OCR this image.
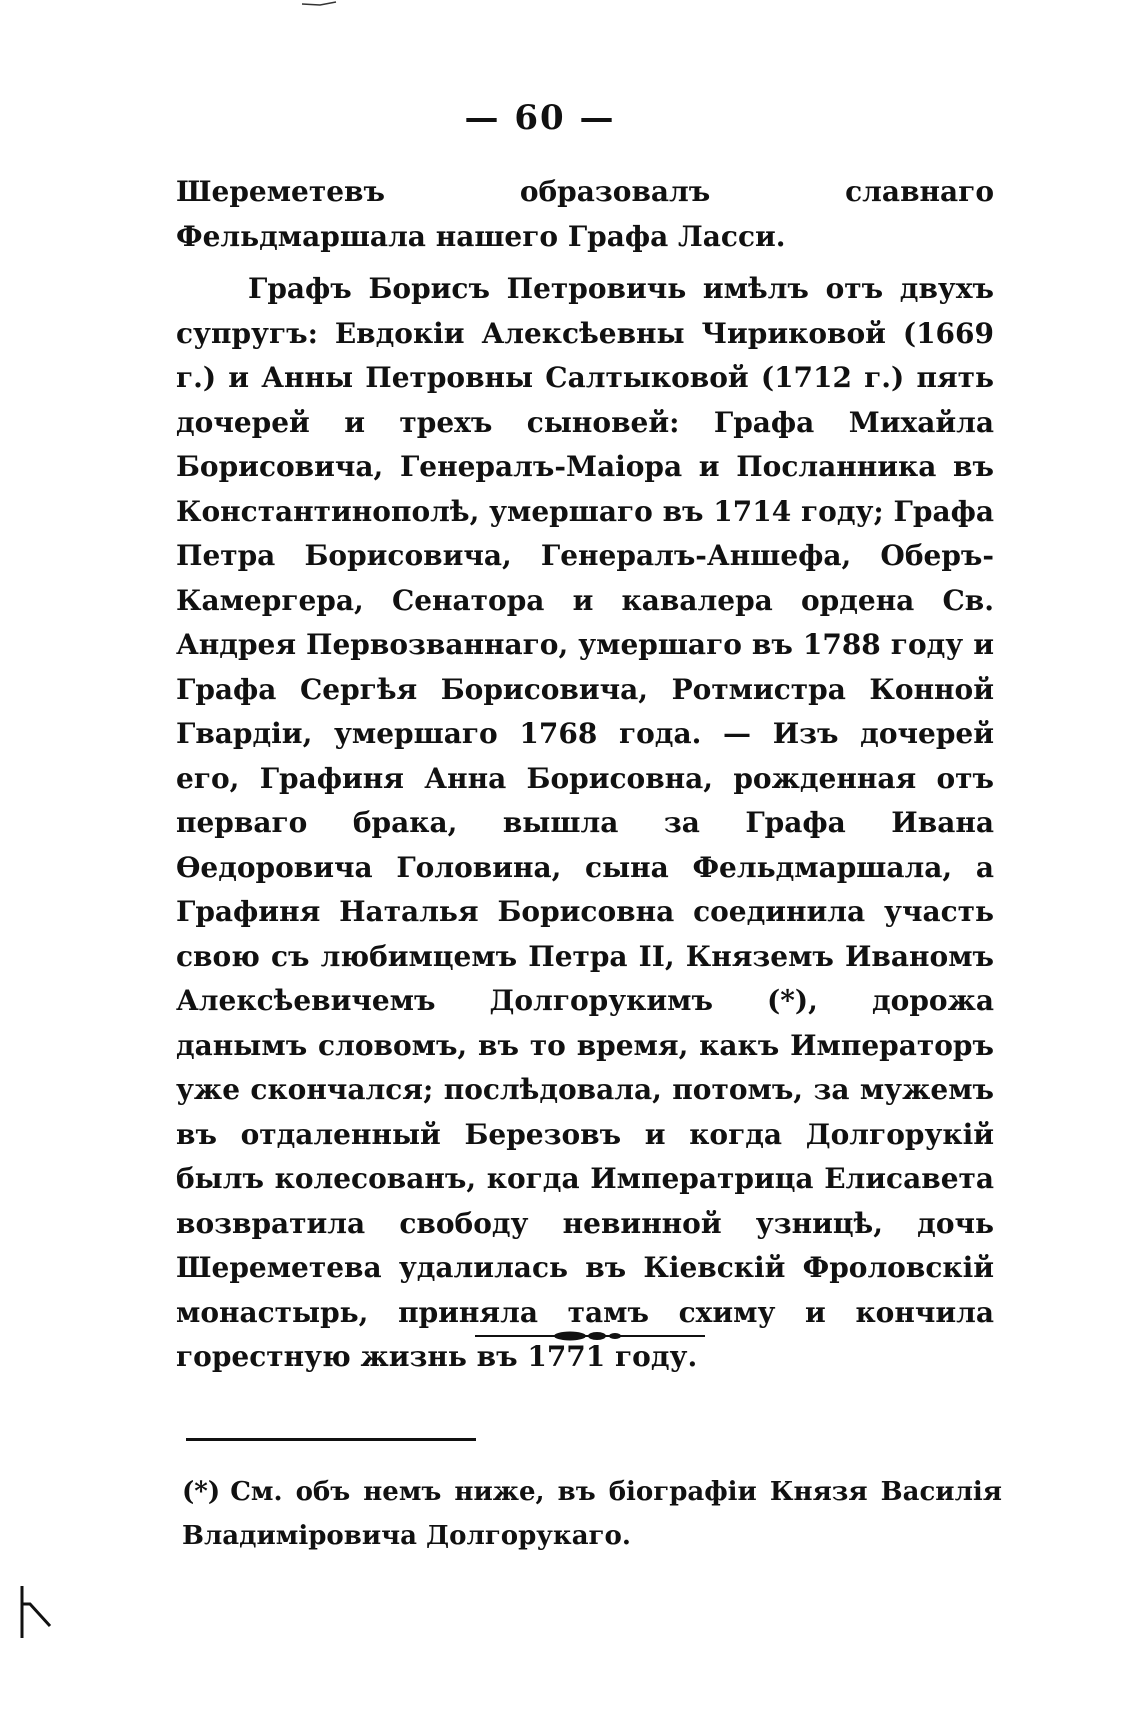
— 60 —

Шереметевъ образовалъ славнаго Фельдмаршала нашего Графа Ласси.

Графъ Борисъ Петровичь имѣлъ отъ двухъ супругъ: Евдокіи Алексѣевны Чириковой (1669 г.) и Анны Петровны Салтыковой (1712 г.) пять дочерей и трехъ сыновей: Графа Михайла Борисовича, Генералъ-Маіора и Посланника въ Константинополѣ, умершаго въ 1714 году; Графа Петра Борисовича, Генералъ-Аншефа, Оберъ-Камергера, Сенатора и кавалера ордена Св. Андрея Первозваннаго, умершаго въ 1788 году и Графа Сергѣя Борисовича, Ротмистра Конной Гвардіи, умершаго 1768 года. — Изъ дочерей его, Графиня Анна Борисовна, рожденная отъ перваго брака, вышла за Графа Ивана Ѳедоровича Головина, сына Фельдмаршала, а Графиня Наталья Борисовна соединила участь свою съ любимцемъ Петра II, Княземъ Иваномъ Алексѣевичемъ Долгорукимъ (*), дорожа данымъ словомъ, въ то время, какъ Императоръ уже скончался; послѣдовала, потомъ, за мужемъ въ отдаленный Березовъ и когда Долгорукій былъ колесованъ, когда Императрица Елисавета возвратила свободу невинной узницѣ, дочь Шереметева удалилась въ Кіевскій Фроловскій монастырь, приняла тамъ схиму и кончила горестную жизнь въ 1771 году.

(*) См. объ немъ ниже, въ біографіи Князя Василія Владиміровича Долгорукаго.
